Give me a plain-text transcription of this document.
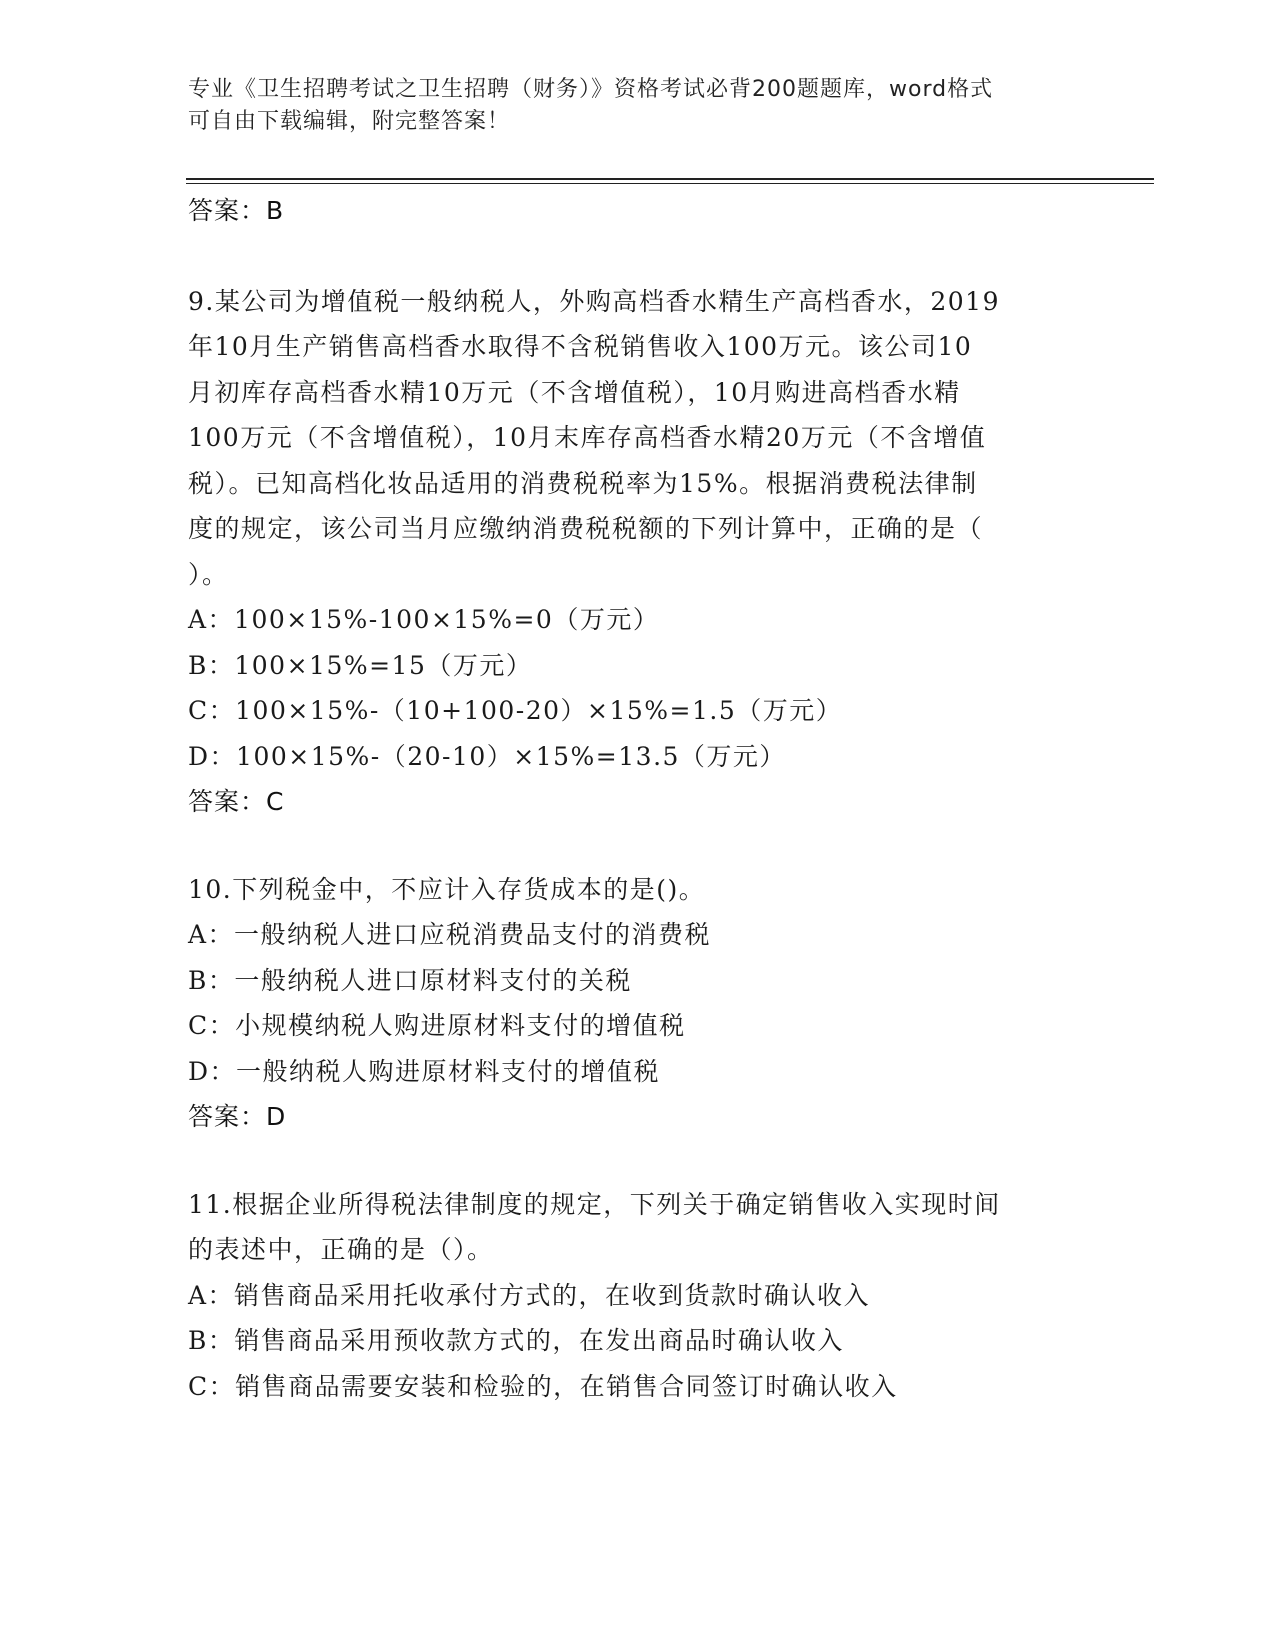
专业《卫生招聘考试之卫生招聘（财务）》资格考试必背200题题库，word格式
可自由下载编辑，附完整答案！

答案：B

9.某公司为增值税一般纳税人，外购高档香水精生产高档香水，2019

年10月生产销售高档香水取得不含税销售收入100万元。该公司10

月初库存高档香水精10万元（不含增值税），10月购进高档香水精

100万元（不含增值税），10月末库存高档香水精20万元（不含增值

税）。已知高档化妆品适用的消费税税率为15%。根据消费税法律制

度的规定，该公司当月应缴纳消费税税额的下列计算中，正确的是（

）。

A：100×15%-100×15%=0（万元）

B：100×15%=15（万元）

C：100×15%-（10+100-20）×15%=1.5（万元）

D：100×15%-（20-10）×15%=13.5（万元）

答案：C

10.下列税金中，不应计入存货成本的是()。

A：一般纳税人进口应税消费品支付的消费税

B：一般纳税人进口原材料支付的关税

C：小规模纳税人购进原材料支付的增值税

D：一般纳税人购进原材料支付的增值税

答案：D

11.根据企业所得税法律制度的规定，下列关于确定销售收入实现时间

的表述中，正确的是（）。

A：销售商品采用托收承付方式的，在收到货款时确认收入

B：销售商品采用预收款方式的，在发出商品时确认收入

C：销售商品需要安装和检验的，在销售合同签订时确认收入
